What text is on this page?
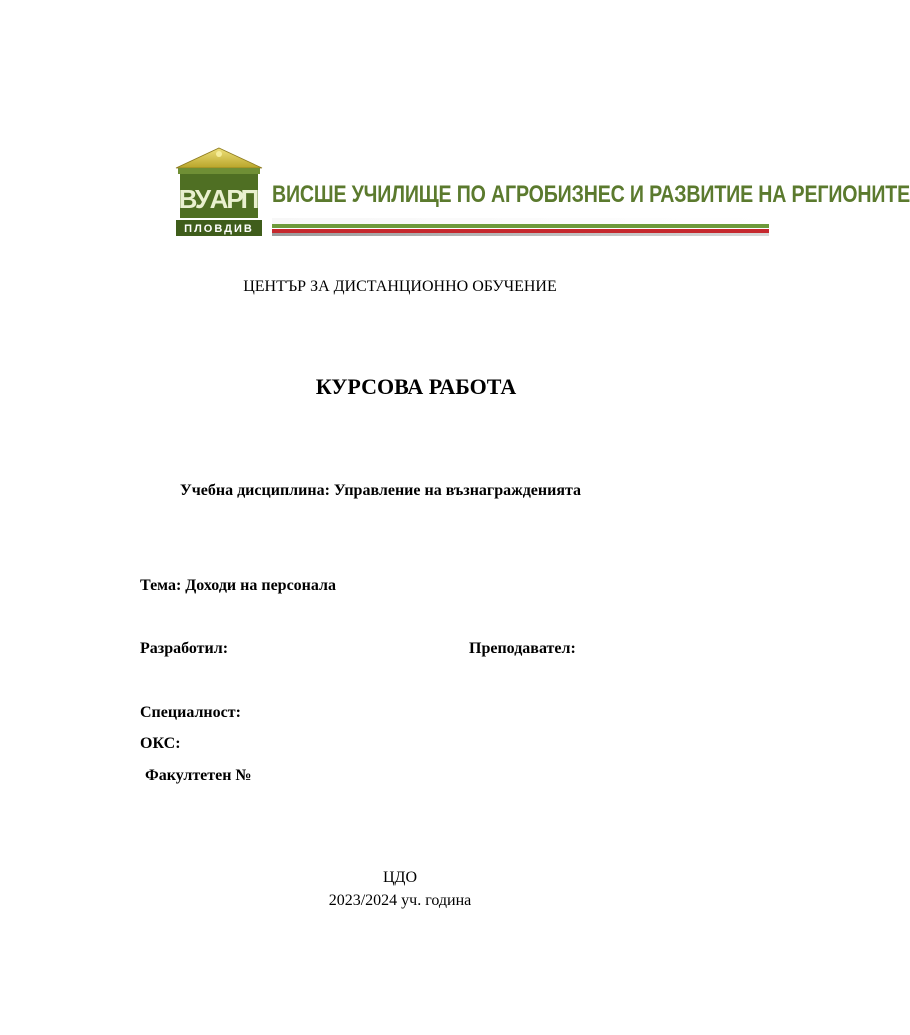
В
У
А
Р
П
ПЛОВДИВ
ВИСШЕ УЧИЛИЩЕ ПО АГРОБИЗНЕС И РАЗВИТИЕ НА РЕГИОНИТЕ
ЦЕНТЪР ЗА ДИСТАНЦИОННО ОБУЧЕНИЕ
КУРСОВА РАБОТА
Учебна дисциплина: Управление на възнагражденията
Тема: Доходи на персонала
Разработил:	Преподавател:
Специалност:
ОКС:
Факултетен №
ЦДО
2023/2024 уч. година
